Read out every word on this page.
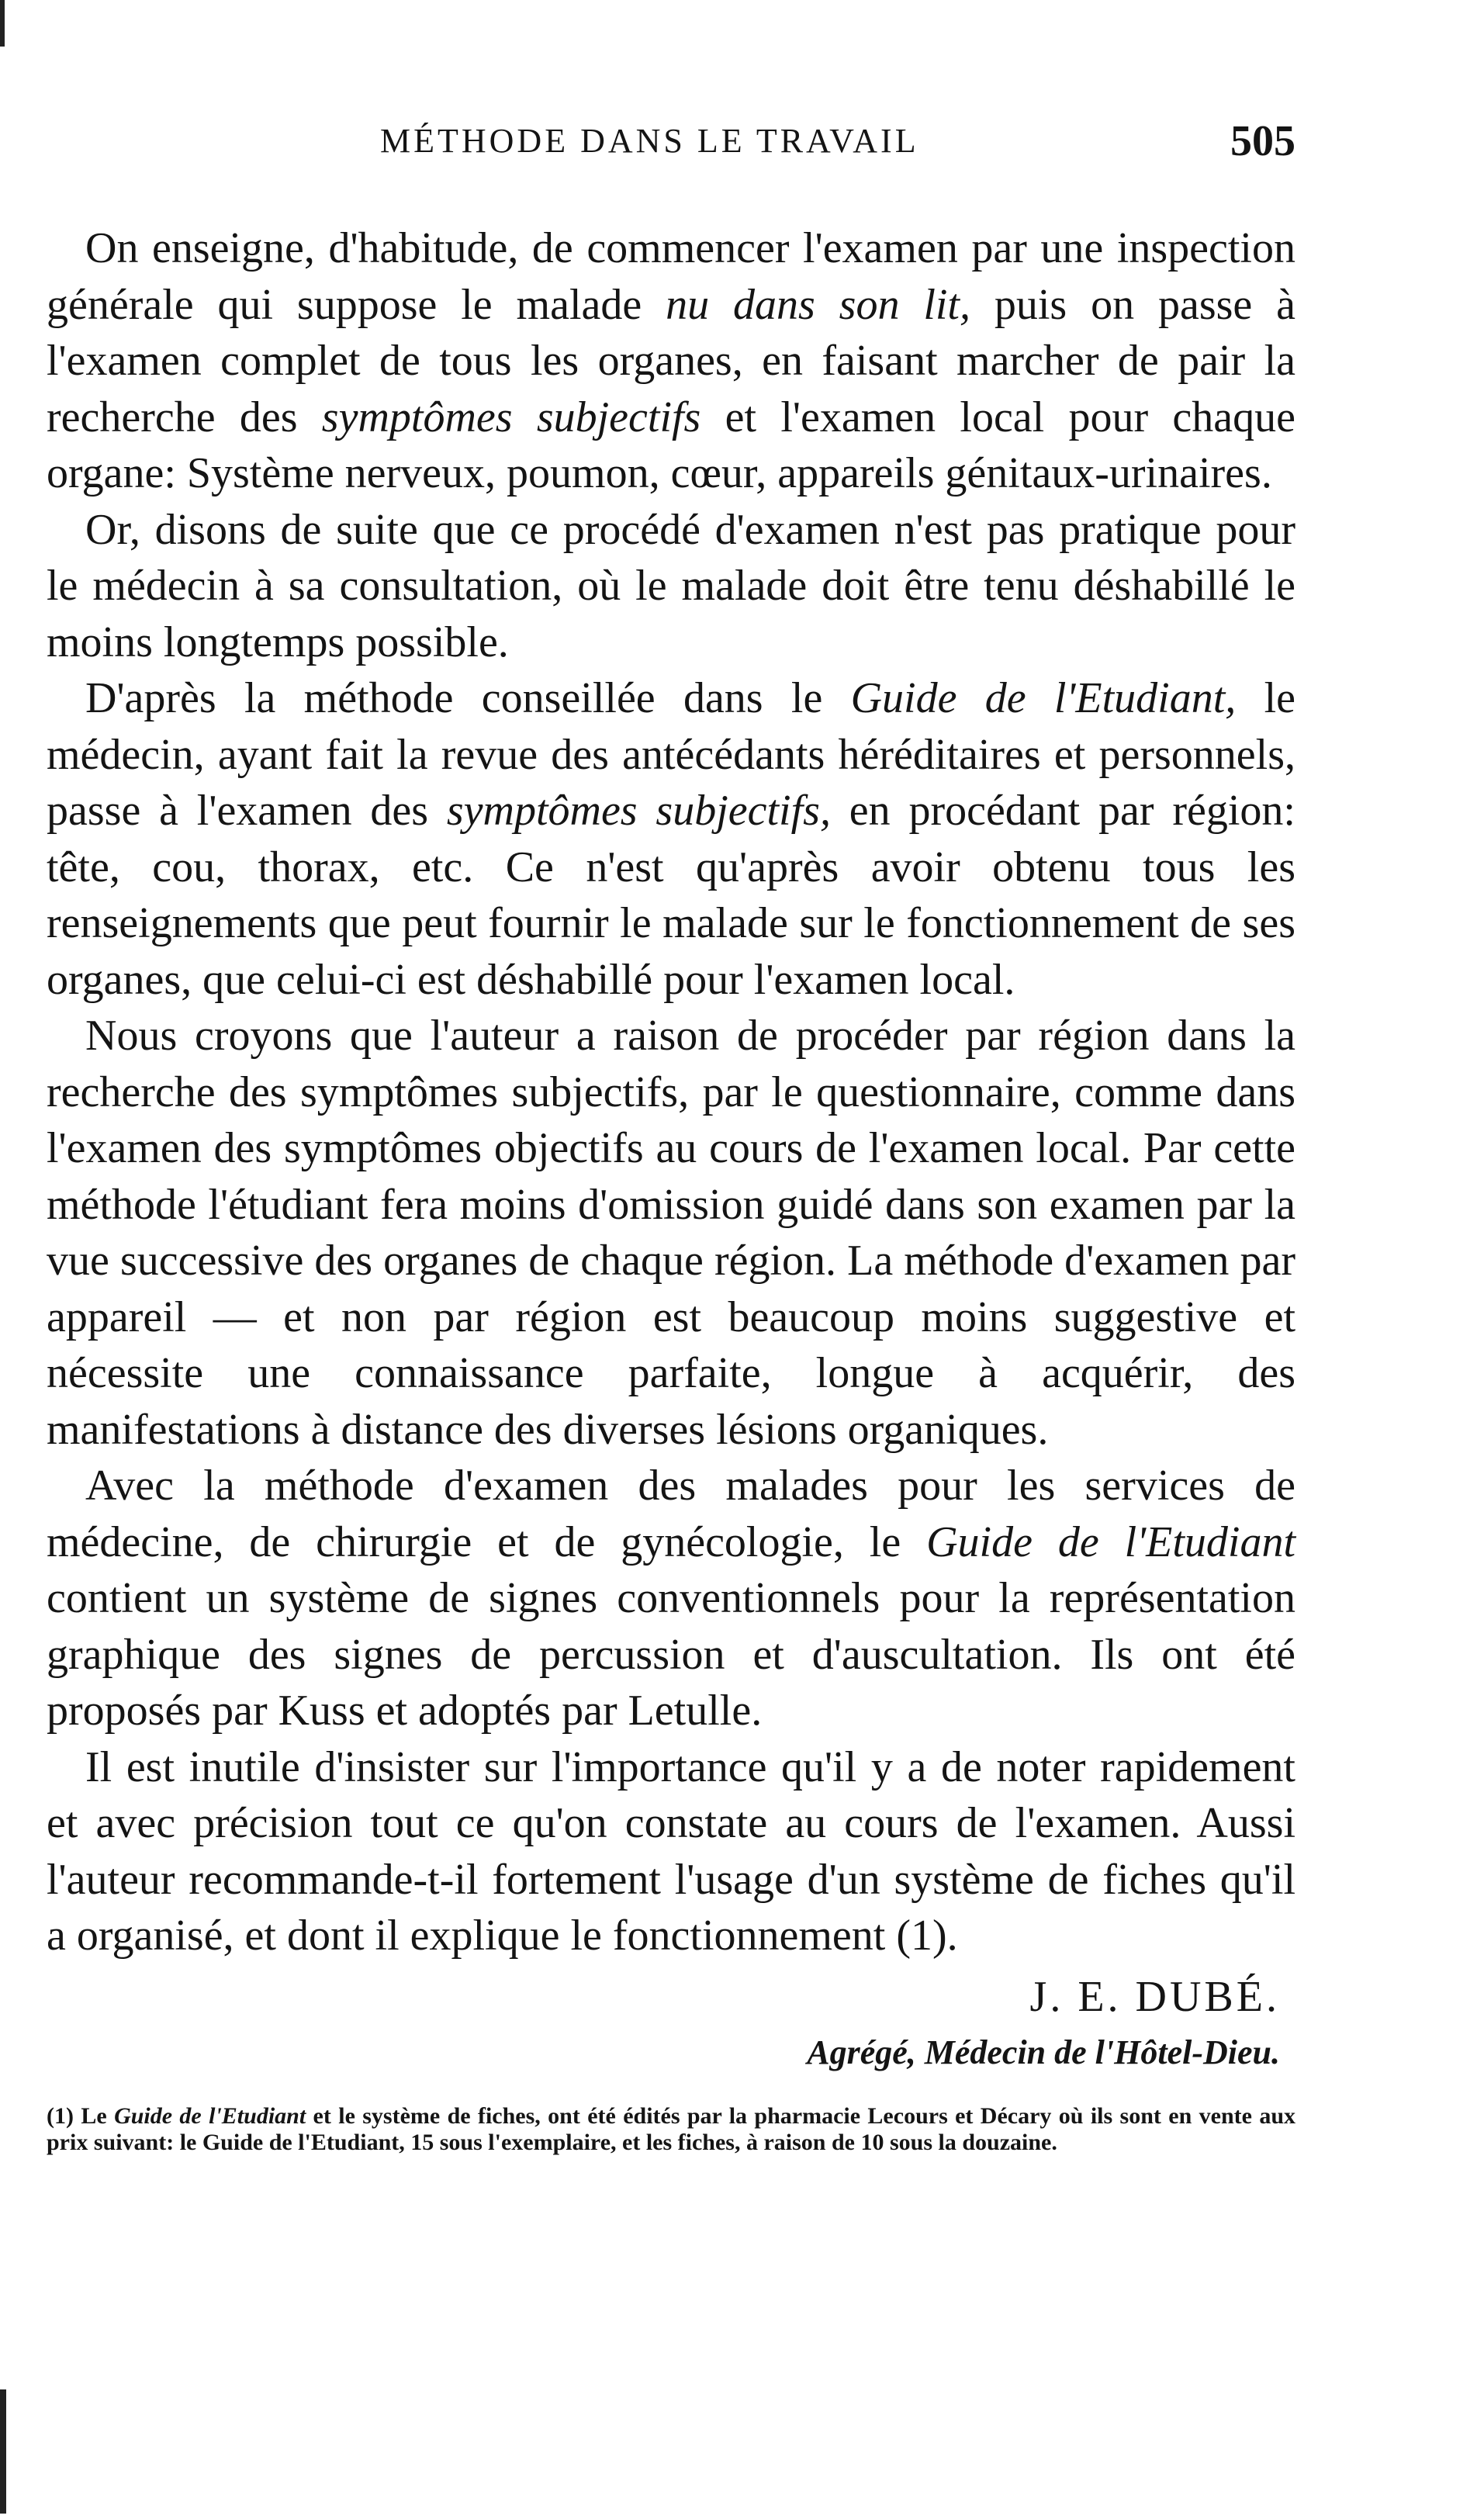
MÉTHODE DANS LE TRAVAIL	505

On enseigne, d'habitude, de commencer l'examen par une inspection générale qui suppose le malade nu dans son lit, puis on passe à l'examen complet de tous les organes, en faisant marcher de pair la recherche des symptômes subjectifs et l'examen local pour chaque organe: Système nerveux, poumon, cœur, appareils génitaux-urinaires.

Or, disons de suite que ce procédé d'examen n'est pas pratique pour le médecin à sa consultation, où le malade doit être tenu déshabillé le moins longtemps possible.

D'après la méthode conseillée dans le Guide de l'Etudiant, le médecin, ayant fait la revue des antécédants héréditaires et personnels, passe à l'examen des symptômes subjectifs, en procédant par région: tête, cou, thorax, etc. Ce n'est qu'après avoir obtenu tous les renseignements que peut fournir le malade sur le fonctionnement de ses organes, que celui-ci est déshabillé pour l'examen local.

Nous croyons que l'auteur a raison de procéder par région dans la recherche des symptômes subjectifs, par le questionnaire, comme dans l'examen des symptômes objectifs au cours de l'examen local. Par cette méthode l'étudiant fera moins d'omission guidé dans son examen par la vue successive des organes de chaque région. La méthode d'examen par appareil — et non par région est beaucoup moins suggestive et nécessite une connaissance parfaite, longue à acquérir, des manifestations à distance des diverses lésions organiques.

Avec la méthode d'examen des malades pour les services de médecine, de chirurgie et de gynécologie, le Guide de l'Etudiant contient un système de signes conventionnels pour la représentation graphique des signes de percussion et d'auscultation. Ils ont été proposés par Kuss et adoptés par Letulle.

Il est inutile d'insister sur l'importance qu'il y a de noter rapidement et avec précision tout ce qu'on constate au cours de l'examen. Aussi l'auteur recommande-t-il fortement l'usage d'un système de fiches qu'il a organisé, et dont il explique le fonctionnement (1).

J. E. DUBÉ.
Agrégé, Médecin de l'Hôtel-Dieu.
(1) Le Guide de l'Etudiant et le système de fiches, ont été édités par la pharmacie Lecours et Décary où ils sont en vente aux prix suivant: le Guide de l'Etudiant, 15 sous l'exemplaire, et les fiches, à raison de 10 sous la douzaine.
